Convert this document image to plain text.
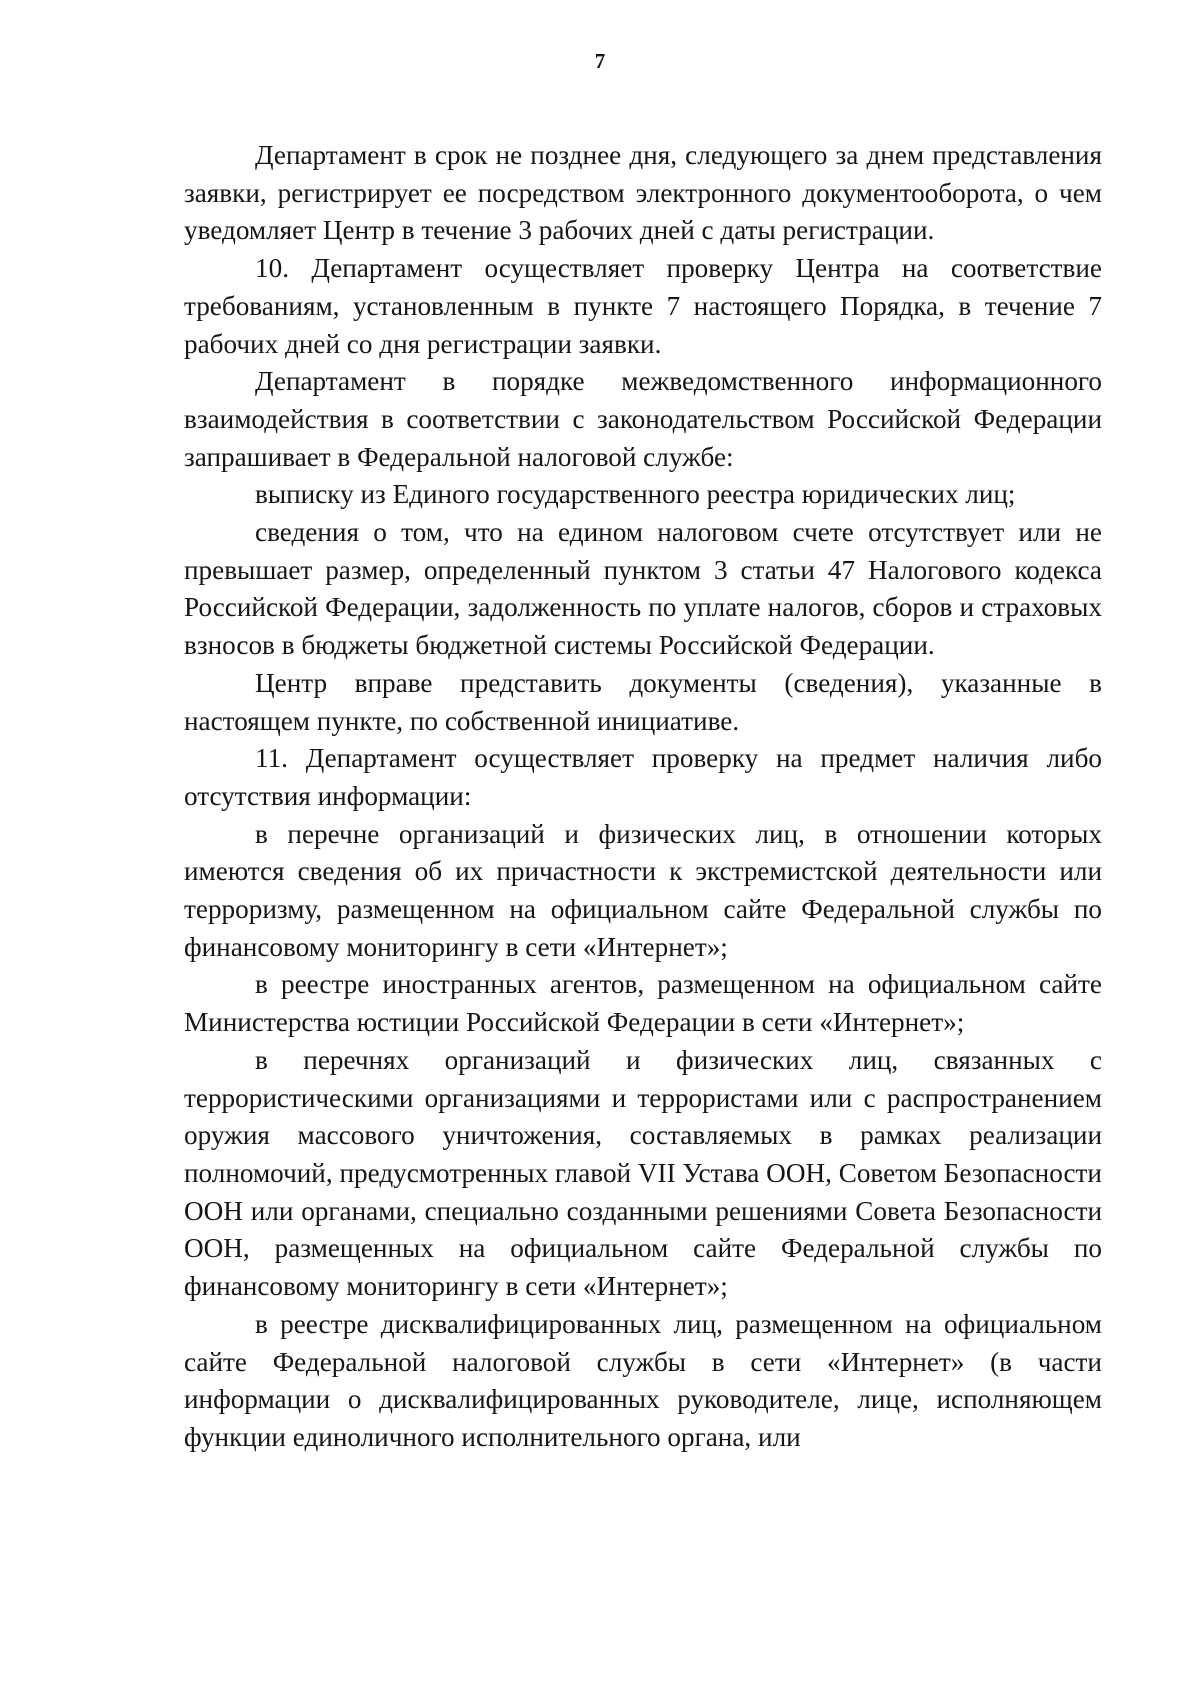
7

Департамент в срок не позднее дня, следующего за днем представления заявки, регистрирует ее посредством электронного документооборота, о чем уведомляет Центр в течение 3 рабочих дней с даты регистрации.

10. Департамент осуществляет проверку Центра на соответствие требованиям, установленным в пункте 7 настоящего Порядка, в течение 7 рабочих дней со дня регистрации заявки.

Департамент в порядке межведомственного информационного взаимодействия в соответствии с законодательством Российской Федерации запрашивает в Федеральной налоговой службе:

выписку из Единого государственного реестра юридических лиц;

сведения о том, что на едином налоговом счете отсутствует или не превышает размер, определенный пунктом 3 статьи 47 Налогового кодекса Российской Федерации, задолженность по уплате налогов, сборов и страховых взносов в бюджеты бюджетной системы Российской Федерации.

Центр вправе представить документы (сведения), указанные в настоящем пункте, по собственной инициативе.

11. Департамент осуществляет проверку на предмет наличия либо отсутствия информации:

в перечне организаций и физических лиц, в отношении которых имеются сведения об их причастности к экстремистской деятельности или терроризму, размещенном на официальном сайте Федеральной службы по финансовому мониторингу в сети «Интернет»;

в реестре иностранных агентов, размещенном на официальном сайте Министерства юстиции Российской Федерации в сети «Интернет»;

в перечнях организаций и физических лиц, связанных с террористическими организациями и террористами или с распространением оружия массового уничтожения, составляемых в рамках реализации полномочий, предусмотренных главой VII Устава ООН, Советом Безопасности ООН или органами, специально созданными решениями Совета Безопасности ООН, размещенных на официальном сайте Федеральной службы по финансовому мониторингу в сети «Интернет»;

в реестре дисквалифицированных лиц, размещенном на официальном сайте Федеральной налоговой службы в сети «Интернет» (в части информации о дисквалифицированных руководителе, лице, исполняющем функции единоличного исполнительного органа, или
